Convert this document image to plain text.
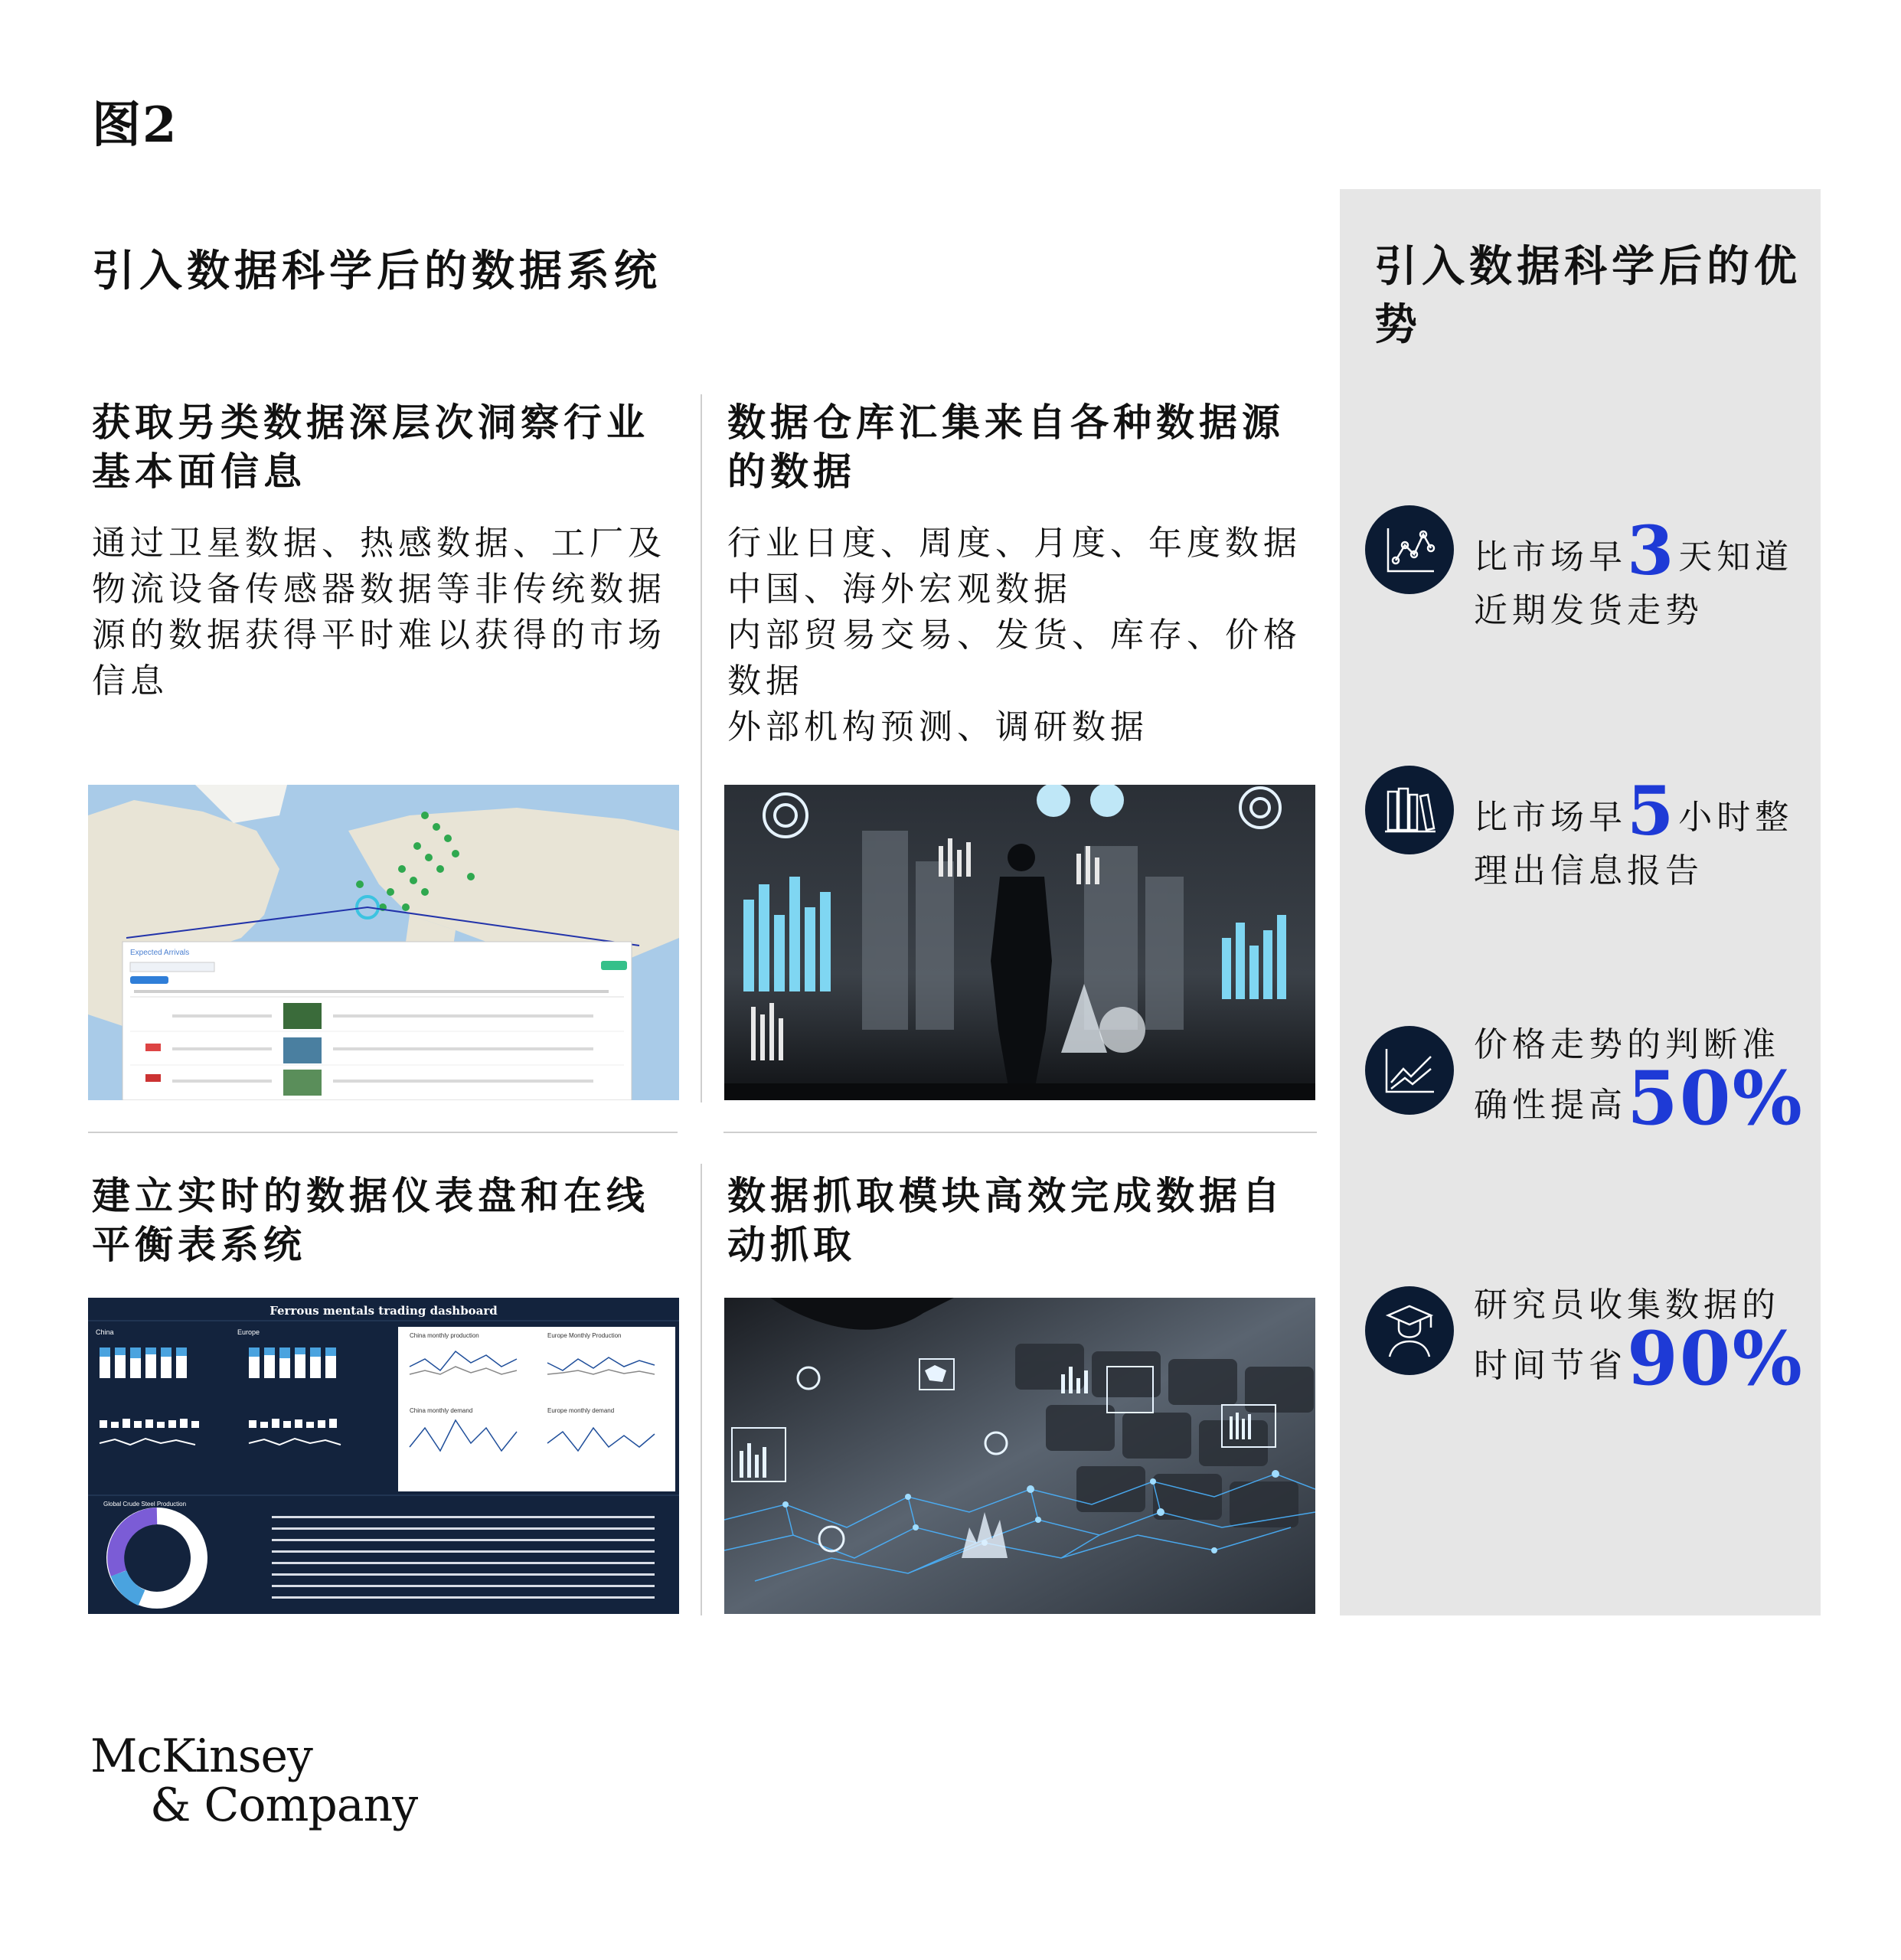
图2
引入数据科学后的数据系统
获取另类数据深层次洞察行业基本面信息
通过卫星数据、热感数据、工厂及物流设备传感器数据等非传统数据源的数据获得平时难以获得的市场信息
数据仓库汇集来自各种数据源的数据
行业日度、周度、月度、年度数据
中国、海外宏观数据
内部贸易交易、发货、库存、价格数据
外部机构预测、调研数据
建立实时的数据仪表盘和在线平衡表系统
数据抓取模块高效完成数据自动抓取
Expected Arrivals
Ferrous mentals trading dashboard
China	Europe	China monthly production	Europe Monthly Production
China monthly demand	Europe monthly demand
Global Crude Steel Production
引入数据科学后的优势
比市场早3天知道近期发货走势
比市场早5小时整理出信息报告
价格走势的判断准确性提高50%
研究员收集数据的时间节省90%
McKinsey
& Company
